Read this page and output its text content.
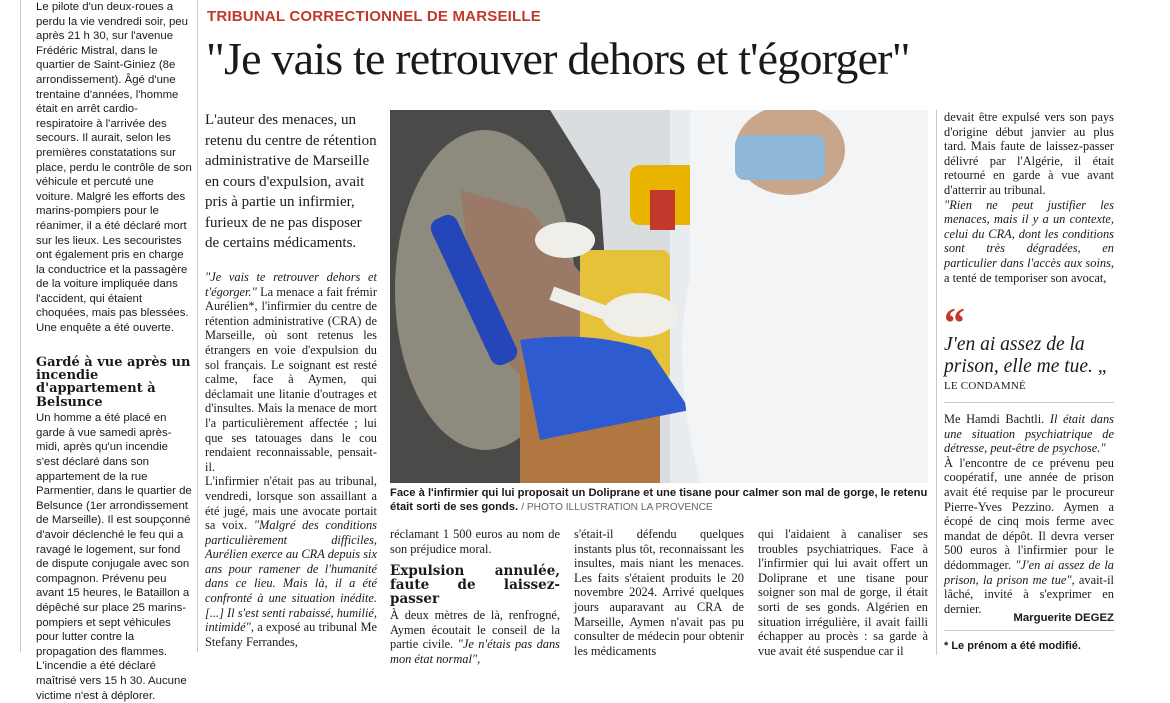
Le pilote d'un deux-roues a perdu la vie vendredi soir, peu après 21 h 30, sur l'avenue Frédéric Mistral, dans le quartier de Saint-Giniez (8e arrondissement). Âgé d'une trentaine d'années, l'homme était en arrêt cardio-respiratoire à l'arrivée des secours. Il aurait, selon les premières constatations sur place, perdu le contrôle de son véhicule et percuté une voiture. Malgré les efforts des marins-pompiers pour le réanimer, il a été déclaré mort sur les lieux. Les secouristes ont également pris en charge la conductrice et la passagère de la voiture impliquée dans l'accident, qui étaient choquées, mais pas blessées. Une enquête a été ouverte.

Gardé à vue après un incendie d'appartement à Belsunce

Un homme a été placé en garde à vue samedi après-midi, après qu'un incendie s'est déclaré dans son appartement de la rue Parmentier, dans le quartier de Belsunce (1er arrondissement de Marseille). Il est soupçonné d'avoir déclenché le feu qui a ravagé le logement, sur fond de dispute conjugale avec son compagnon. Prévenu peu avant 15 heures, le Bataillon a dépêché sur place 25 marins-pompiers et sept véhicules pour lutter contre la propagation des flammes. L'incendie a été déclaré maîtrisé vers 15 h 30. Aucune victime n'est à déplorer.

TRIBUNAL CORRECTIONNEL DE MARSEILLE
"Je vais te retrouver dehors et t'égorger"
L'auteur des menaces, un retenu du centre de rétention administrative de Marseille en cours d'expulsion, avait pris à partie un infirmier, furieux de ne pas disposer de certains médicaments.

"Je vais te retrouver dehors et t'égorger." La menace a fait frémir Aurélien*, l'infirmier du centre de rétention administrative (CRA) de Marseille, où sont retenus les étrangers en voie d'expulsion du sol français. Le soignant est resté calme, face à Aymen, qui déclamait une litanie d'outrages et d'insultes. Mais la menace de mort l'a particulièrement affectée ; lui que ses tatouages dans le cou rendaient reconnaissable, pensait-il.

L'infirmier n'était pas au tribunal, vendredi, lorsque son assaillant a été jugé, mais une avocate portait sa voix. "Malgré des conditions particulièrement difficiles, Aurélien exerce au CRA depuis six ans pour ramener de l'humanité dans ce lieu. Mais là, il a été confronté à une situation inédite. [...] Il s'est senti rabaissé, humilié, intimidé", a exposé au tribunal Me Stefany Ferrandes,

Face à l'infirmier qui lui proposait un Doliprane et une tisane pour calmer son mal de gorge, le retenu était sorti de ses gonds. / PHOTO ILLUSTRATION LA PROVENCE

réclamant 1 500 euros au nom de son préjudice moral.

Expulsion annulée, faute de laissez-passer

À deux mètres de là, renfrogné, Aymen écoutait le conseil de la partie civile. "Je n'étais pas dans mon état normal",

s'était-il défendu quelques instants plus tôt, reconnaissant les insultes, mais niant les menaces. Les faits s'étaient produits le 20 novembre 2024. Arrivé quelques jours auparavant au CRA de Marseille, Aymen n'avait pas pu consulter de médecin pour obtenir les médicaments

qui l'aidaient à canaliser ses troubles psychiatriques. Face à l'infirmier qui lui avait offert un Doliprane et une tisane pour soigner son mal de gorge, il était sorti de ses gonds. Algérien en situation irrégulière, il avait failli échapper au procès : sa garde à vue avait été suspendue car il

devait être expulsé vers son pays d'origine début janvier au plus tard. Mais faute de laissez-passer délivré par l'Algérie, il était retourné en garde à vue avant d'atterrir au tribunal.

"Rien ne peut justifier les menaces, mais il y a un contexte, celui du CRA, dont les conditions sont très dégradées, en particulier dans l'accès aux soins, a tenté de temporiser son avocat,

“
J'en ai assez de la prison, elle me tue. „
LE CONDAMNÉ

Me Hamdi Bachtli. Il était dans une situation psychiatrique de détresse, peut-être de psychose."

À l'encontre de ce prévenu peu coopératif, une année de prison avait été requise par le procureur Pierre-Yves Pezzino. Aymen a écopé de cinq mois ferme avec mandat de dépôt. Il devra verser 500 euros à l'infirmier pour le dédommager. "J'en ai assez de la prison, la prison me tue", avait-il lâché, invité à s'exprimer en dernier.

Marguerite DEGEZ
* Le prénom a été modifié.
